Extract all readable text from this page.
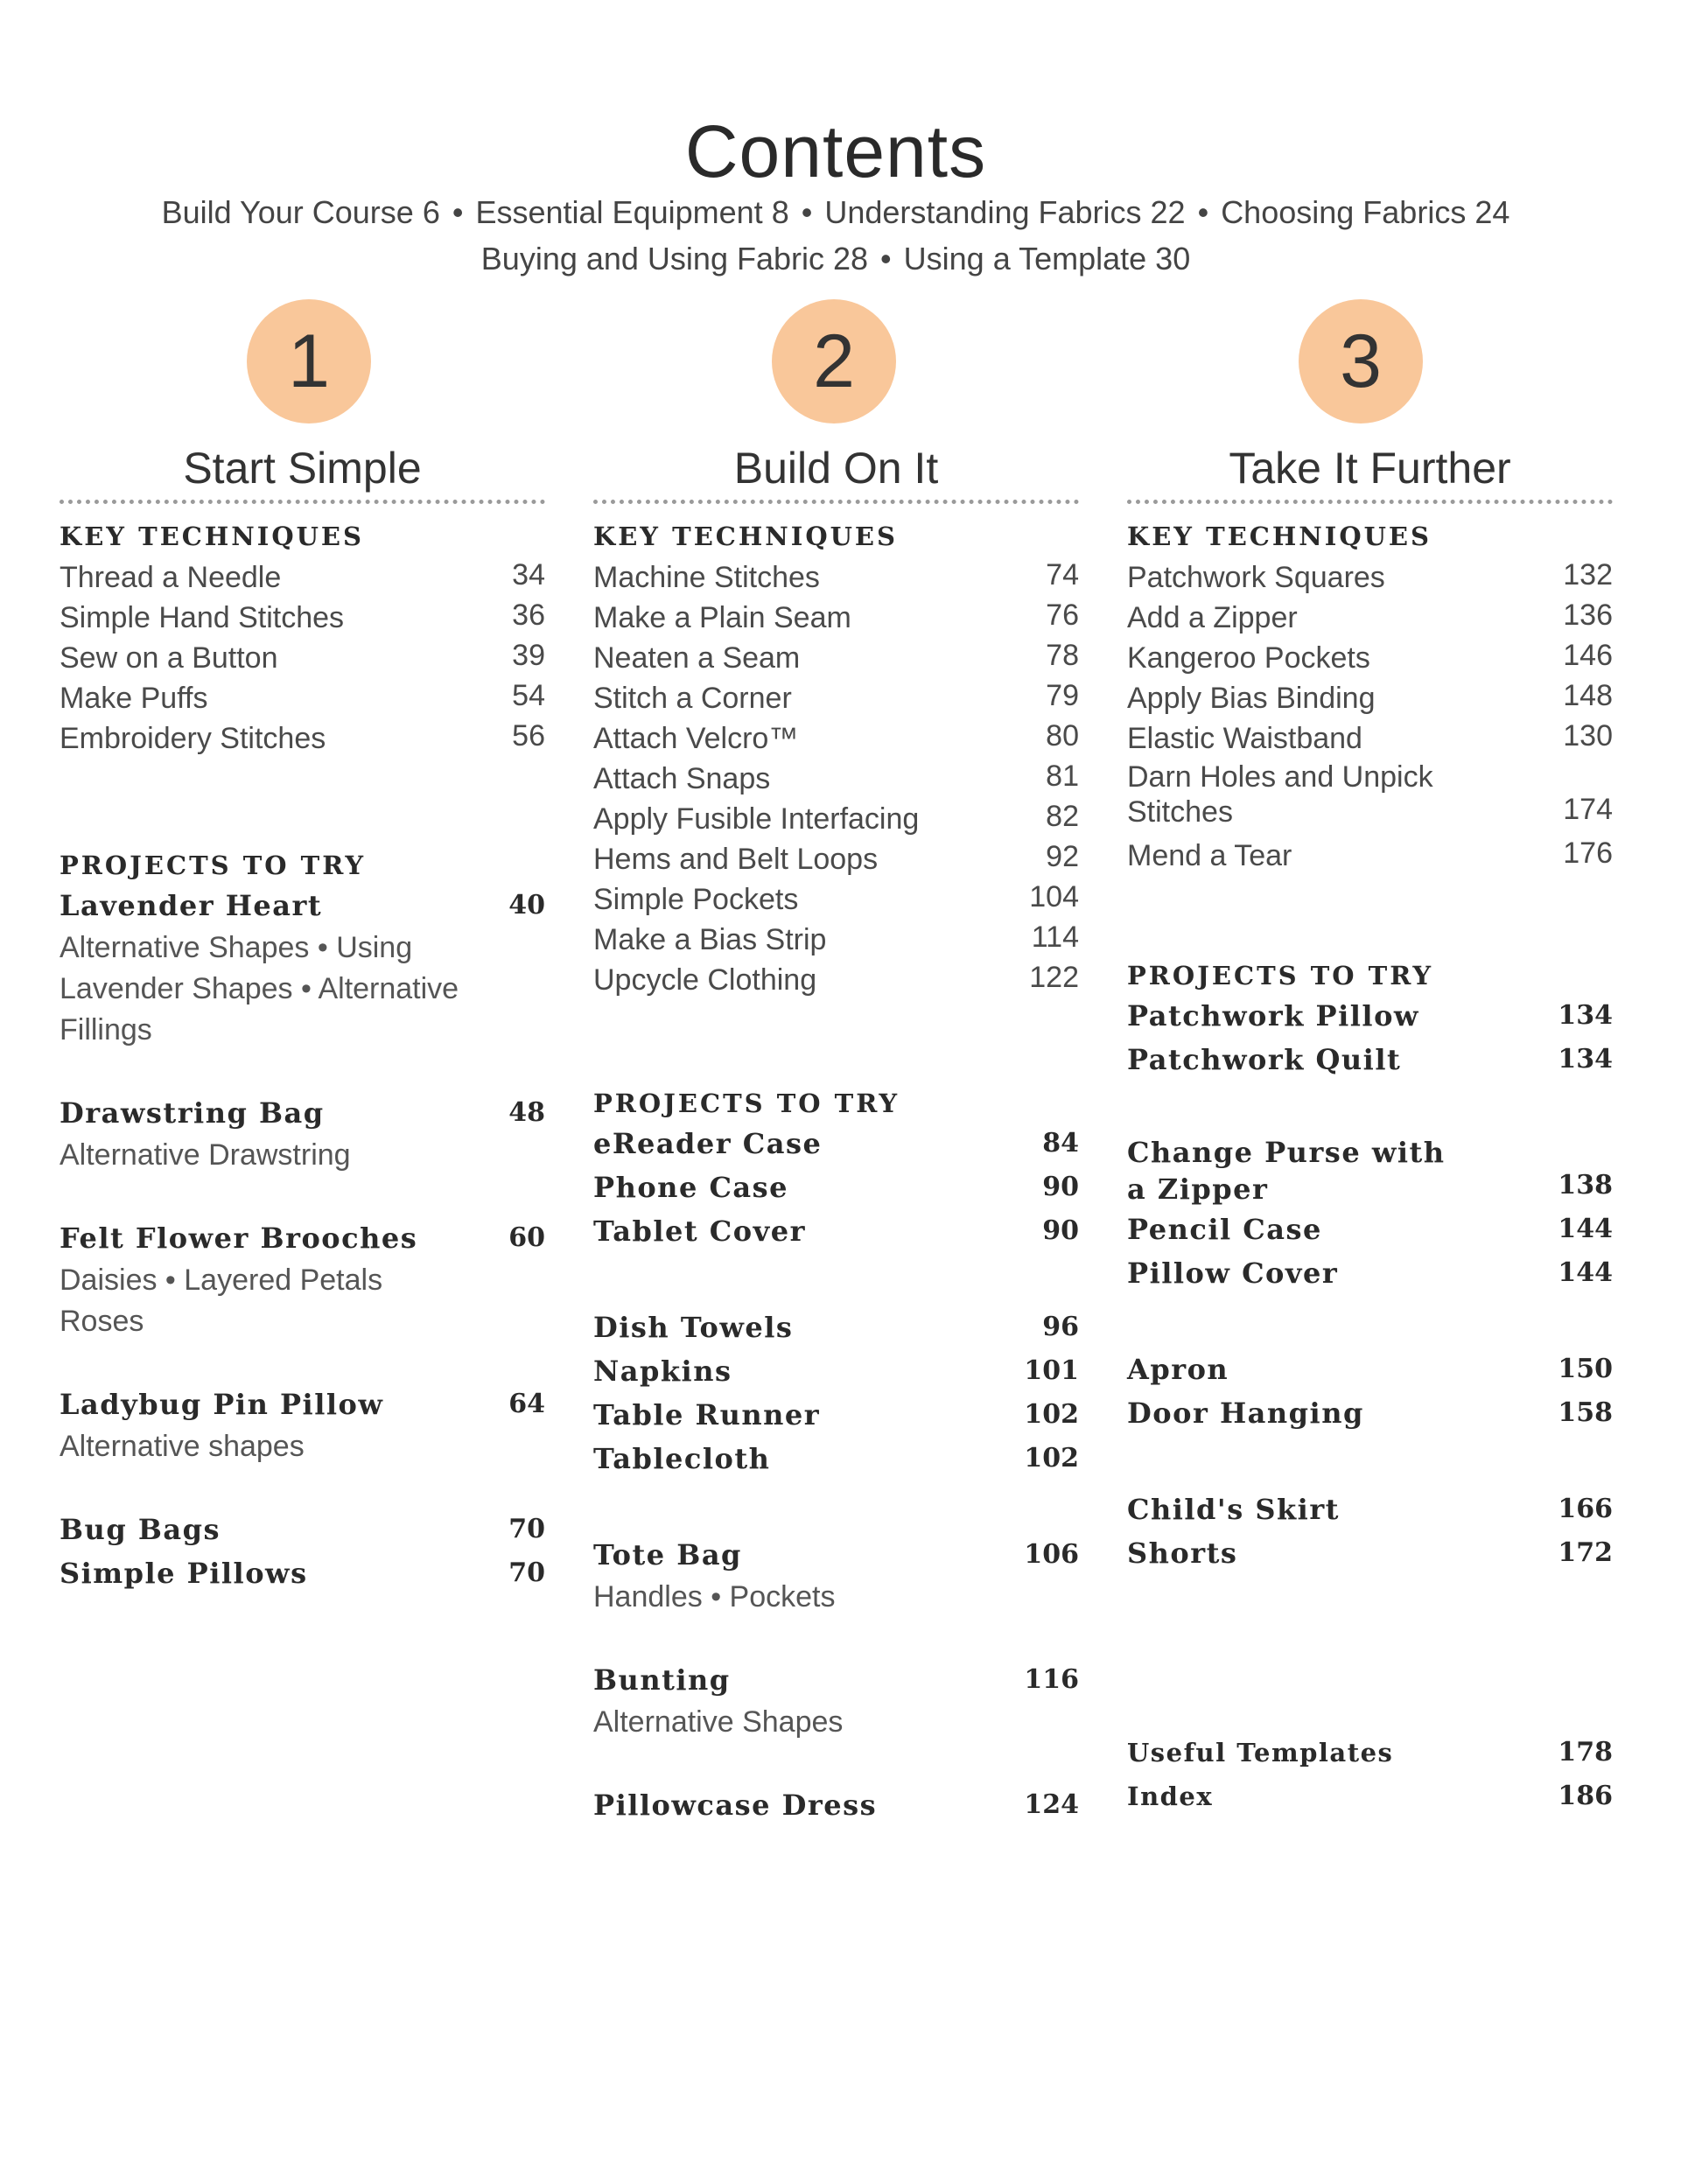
Contents
Build Your Course 6 • Essential Equipment 8 • Understanding Fabrics 22 • Choosing Fabrics 24
Buying and Using Fabric 28 • Using a Template 30
1	2	3
Start Simple
KEY TECHNIQUES
Thread a Needle	34
Simple Hand Stitches	36
Sew on a Button	39
Make Puffs	54
Embroidery Stitches	56
PROJECTS TO TRY
Lavender Heart	40
Alternative Shapes • Using Lavender Shapes • Alternative Fillings
Drawstring Bag	48
Alternative Drawstring
Felt Flower Brooches	60
Daisies • Layered Petals Roses
Ladybug Pin Pillow	64
Alternative shapes
Bug Bags	70
Simple Pillows	70
Build On It
KEY TECHNIQUES
Machine Stitches	74
Make a Plain Seam	76
Neaten a Seam	78
Stitch a Corner	79
Attach Velcro™	80
Attach Snaps	81
Apply Fusible Interfacing	82
Hems and Belt Loops	92
Simple Pockets	104
Make a Bias Strip	114
Upcycle Clothing	122
PROJECTS TO TRY
eReader Case	84
Phone Case	90
Tablet Cover	90
Dish Towels	96
Napkins	101
Table Runner	102
Tablecloth	102
Tote Bag	106
Handles • Pockets
Bunting	116
Alternative Shapes
Pillowcase Dress	124
Take It Further
KEY TECHNIQUES
Patchwork Squares	132
Add a Zipper	136
Kangeroo Pockets	146
Apply Bias Binding	148
Elastic Waistband	130
Darn Holes and Unpick Stitches	174
Mend a Tear	176
PROJECTS TO TRY
Patchwork Pillow	134
Patchwork Quilt	134
Change Purse with a Zipper	138
Pencil Case	144
Pillow Cover	144
Apron	150
Door Hanging	158
Child's Skirt	166
Shorts	172
Useful Templates	178
Index	186
